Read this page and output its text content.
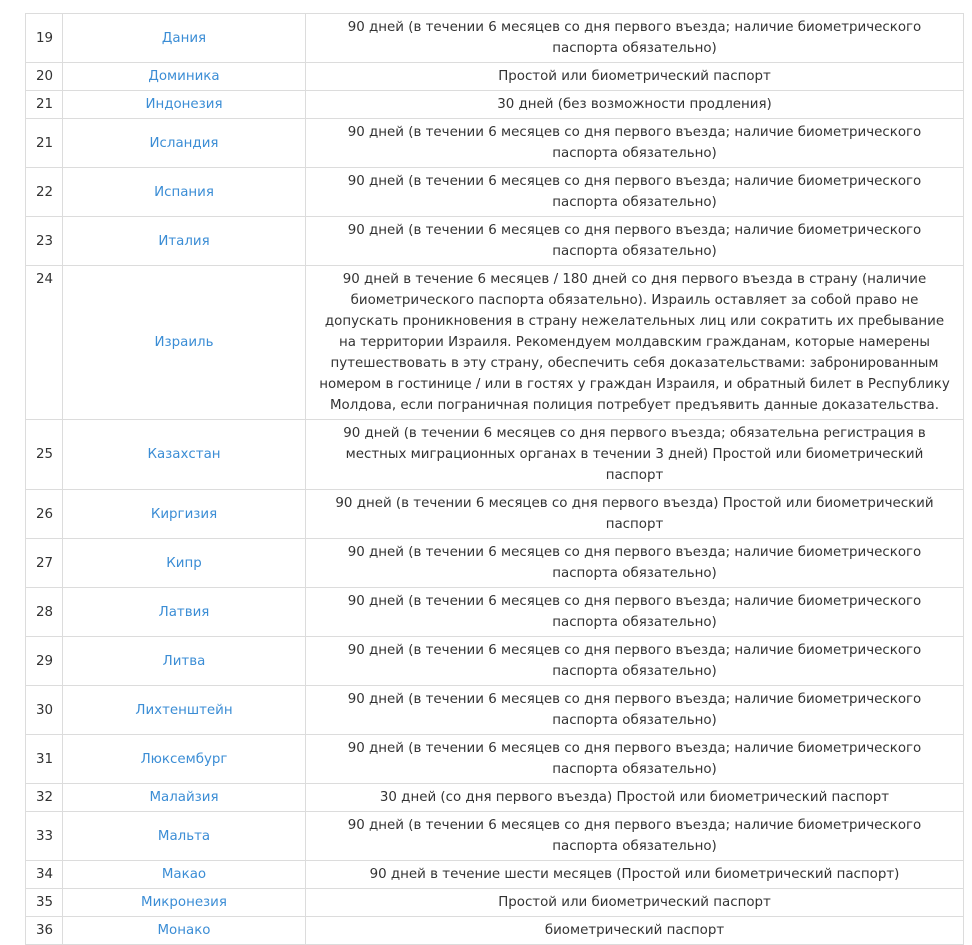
19	Дания	90 дней (в течении 6 месяцев со дня первого въезда; наличие биометрического паспорта обязательно)
20	Доминика	Простой или биометрический паспорт
21	Индонезия	30 дней (без возможности продления)
21	Исландия	90 дней (в течении 6 месяцев со дня первого въезда; наличие биометрического паспорта обязательно)
22	Испания	90 дней (в течении 6 месяцев со дня первого въезда; наличие биометрического паспорта обязательно)
23	Италия	90 дней (в течении 6 месяцев со дня первого въезда; наличие биометрического паспорта обязательно)
24	Израиль	90 дней в течение 6 месяцев / 180 дней со дня первого въезда в страну (наличие биометрического паспорта обязательно). Израиль оставляет за собой право не допускать проникновения в страну нежелательных лиц или сократить их пребывание на территории Израиля. Рекомендуем молдавским гражданам, которые намерены путешествовать в эту страну, обеспечить себя доказательствами: забронированным номером в гостинице / или в гостях у граждан Израиля, и обратный билет в Республику Молдова, если пограничная полиция потребует предъявить данные доказательства.
25	Казахстан	90 дней (в течении 6 месяцев со дня первого въезда; обязательна регистрация в местных миграционных органах в течении 3 дней) Простой или биометрический паспорт
26	Киргизия	90 дней (в течении 6 месяцев со дня первого въезда) Простой или биометрический паспорт
27	Кипр	90 дней (в течении 6 месяцев со дня первого въезда; наличие биометрического паспорта обязательно)
28	Латвия	90 дней (в течении 6 месяцев со дня первого въезда; наличие биометрического паспорта обязательно)
29	Литва	90 дней (в течении 6 месяцев со дня первого въезда; наличие биометрического паспорта обязательно)
30	Лихтенштейн	90 дней (в течении 6 месяцев со дня первого въезда; наличие биометрического паспорта обязательно)
31	Люксембург	90 дней (в течении 6 месяцев со дня первого въезда; наличие биометрического паспорта обязательно)
32	Малайзия	30 дней (со дня первого въезда) Простой или биометрический паспорт
33	Мальта	90 дней (в течении 6 месяцев со дня первого въезда; наличие биометрического паспорта обязательно)
34	Макао	90 дней в течение шести месяцев (Простой или биометрический паспорт)
35	Микронезия	Простой или биометрический паспорт
36	Монако	биометрический паспорт
